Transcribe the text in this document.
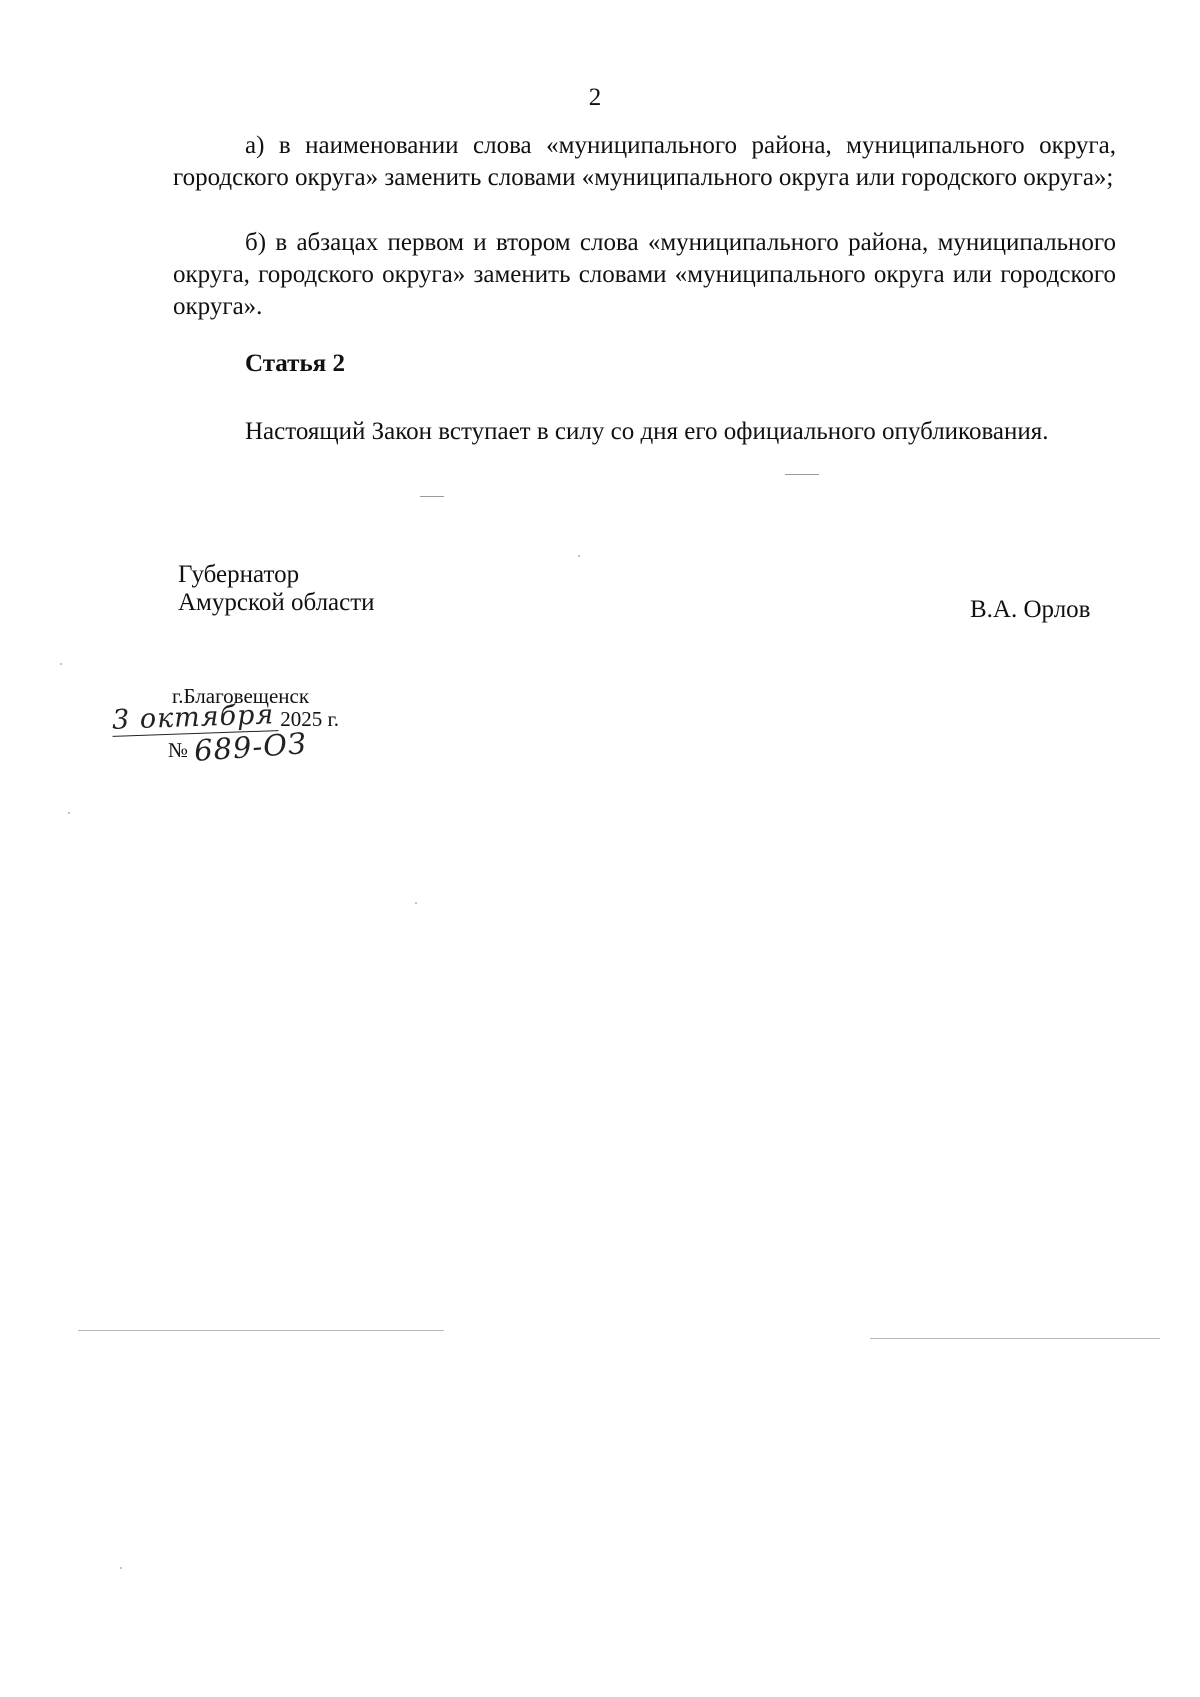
2

а) в наименовании слова «муниципального района, муниципального округа, городского округа» заменить словами «муниципального округа или городского округа»;

б) в абзацах первом и втором слова «муниципального района, муниципального округа, городского округа» заменить словами «муниципального округа или городского округа».

Статья 2

Настоящий Закон вступает в силу со дня его официального опубликования.

Губернатор
Амурской области	В.А. Орлов
г.Благовещенск
3 октября 2025 г.
№ 689-ОЗ
